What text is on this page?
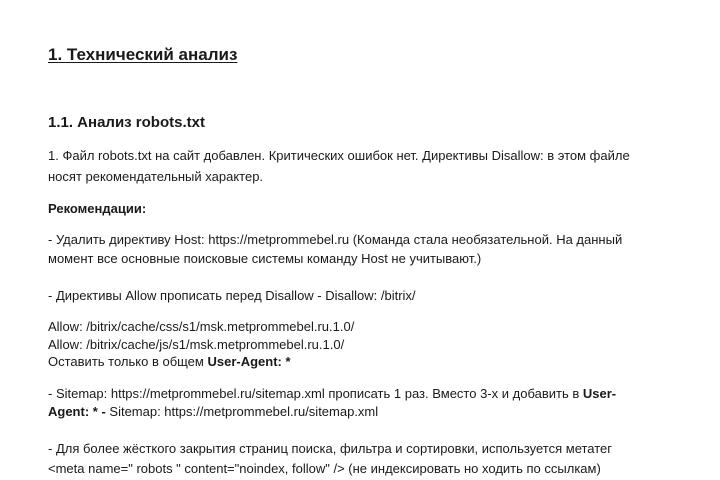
1. Технический анализ
1.1. Анализ robots.txt
1. Файл robots.txt на сайт добавлен. Критических ошибок нет. Директивы Disallow: в этом файле
носят рекомендательный характер.
Рекомендации:
- Удалить директиву Host: https://metprommebel.ru (Команда стала необязательной. На данный
момент все основные поисковые системы команду Host не учитывают.)
- Директивы Allow прописать перед Disallow - Disallow: /bitrix/
Allow: /bitrix/cache/css/s1/msk.metprommebel.ru.1.0/
Allow: /bitrix/cache/js/s1/msk.metprommebel.ru.1.0/
Оставить только в общем User-Agent: *
- Sitemap: https://metprommebel.ru/sitemap.xml прописать 1 раз. Вместо 3-х и добавить в User-
Agent: * - Sitemap: https://metprommebel.ru/sitemap.xml
- Для более жёсткого закрытия страниц поиска, фильтра и сортировки, используется метатег
<meta name=" robots " content="noindex, follow" /> (не индексировать но ходить по ссылкам)
